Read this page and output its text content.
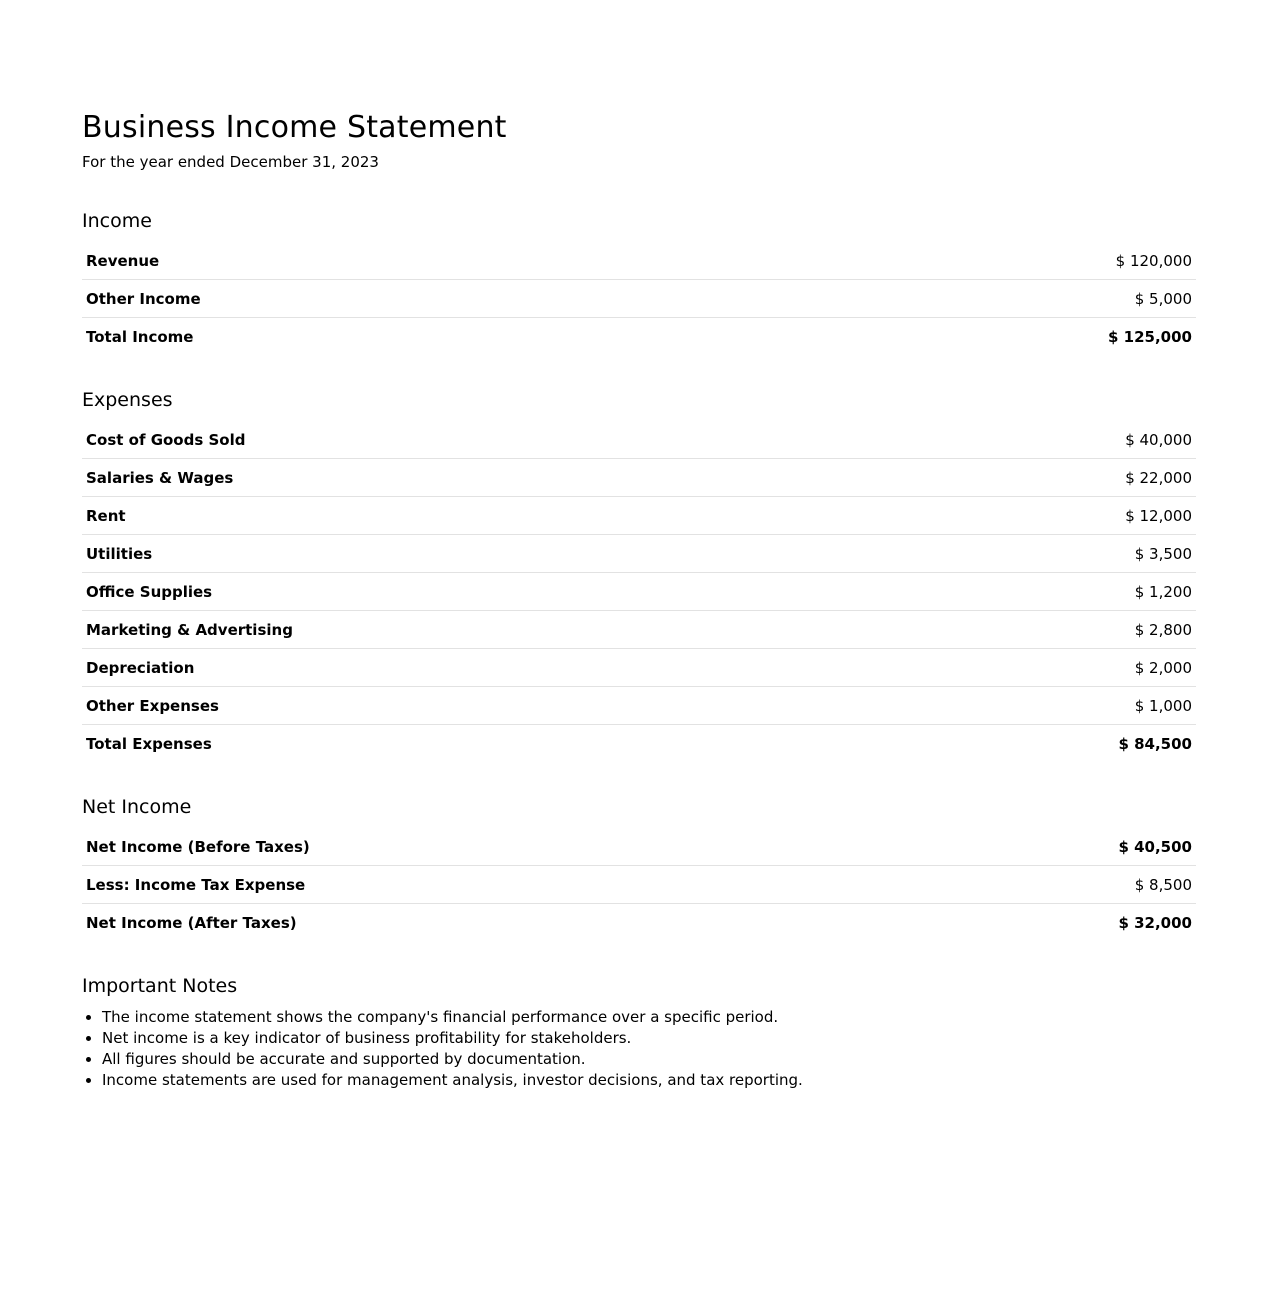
Business Income Statement

For the year ended December 31, 2023

Income
Revenue	$ 120,000
Other Income	$ 5,000
Total Income	$ 125,000
Expenses
Cost of Goods Sold	$ 40,000
Salaries & Wages	$ 22,000
Rent	$ 12,000
Utilities	$ 3,500
Office Supplies	$ 1,200
Marketing & Advertising	$ 2,800
Depreciation	$ 2,000
Other Expenses	$ 1,000
Total Expenses	$ 84,500
Net Income
Net Income (Before Taxes)	$ 40,500
Less: Income Tax Expense	$ 8,500
Net Income (After Taxes)	$ 32,000
Important Notes
• The income statement shows the company's financial performance over a specific period.
• Net income is a key indicator of business profitability for stakeholders.
• All figures should be accurate and supported by documentation.
• Income statements are used for management analysis, investor decisions, and tax reporting.
